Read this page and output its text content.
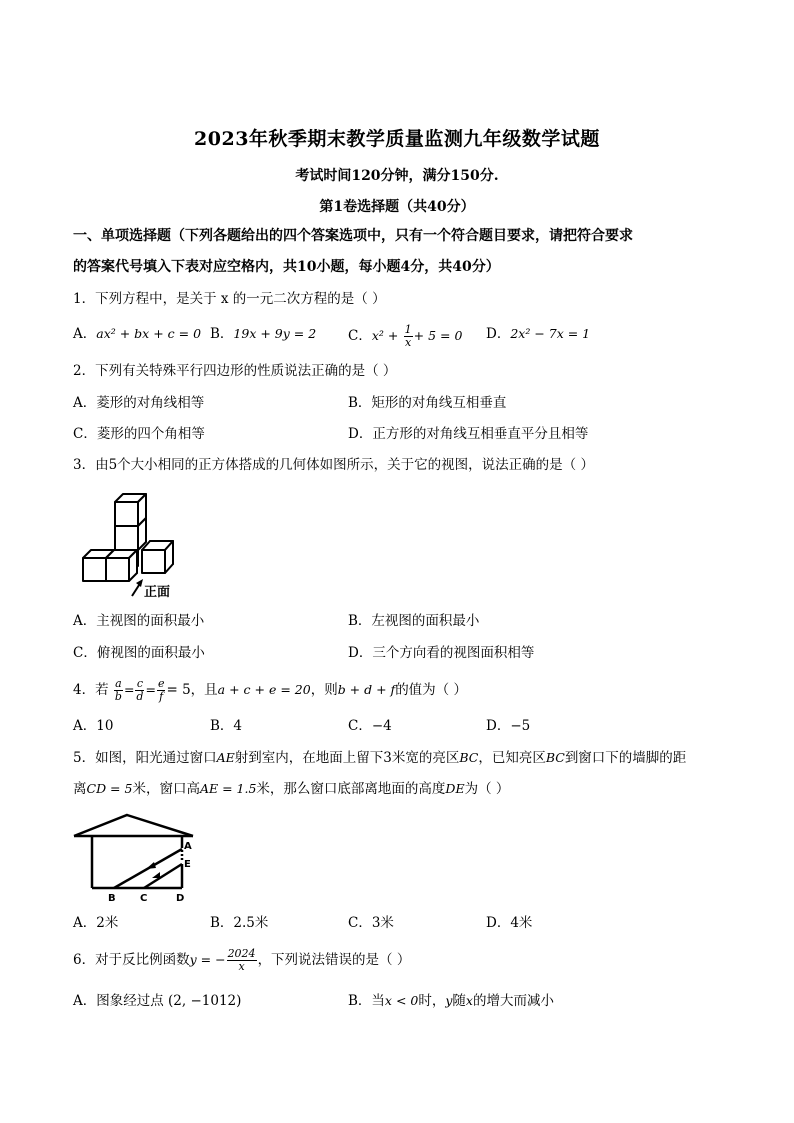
2023年秋季期末教学质量监测九年级数学试题
考试时间120分钟，满分150分.
第1卷选择题（共40分）
一、单项选择题（下列各题给出的四个答案选项中，只有一个符合题目要求，请把符合要求
的答案代号填入下表对应空格内，共10小题，每小题4分，共40分）
1．下列方程中，是关于 x 的一元二次方程的是（ ）
A．ax² + bx + c = 0 B．19x + 9y = 2 C．$x^2 + \frac{1}{x} + 5 = 0$ D．2x² − 7x = 1
2．下列有关特殊平行四边形的性质说法正确的是（ ）
A．菱形的对角线相等	B．矩形的对角线互相垂直
C．菱形的四个角相等	D．正方形的对角线互相垂直平分且相等
3．由5个大小相同的正方体搭成的几何体如图所示，关于它的视图，说法正确的是（ ）
正面
A．主视图的面积最小	B．左视图的面积最小
C．俯视图的面积最小	D．三个方向看的视图面积相等
4．若 $\frac{a}{b} = \frac{c}{d} = \frac{e}{f} = 5$，且a + c + e = 20，则b + d + f的值为（ ）
A．10	B．4	C．−4	D．−5
5．如图，阳光通过窗口AE射到室内，在地面上留下3米宽的亮区BC，已知亮区BC到窗口下的墙脚的距
离CD = 5米，窗口高AE = 1.5米，那么窗口底部离地面的高度DE为（ ）
A
E
B C	D
A．2米	B．2.5米	C．3米	D．4米
6．对于反比例函数y = − $\frac{2024}{x}$ ，下列说法错误的是（ ）
A．图象经过点 (2, −1012)	B．当x < 0时，y随x的增大而减小
